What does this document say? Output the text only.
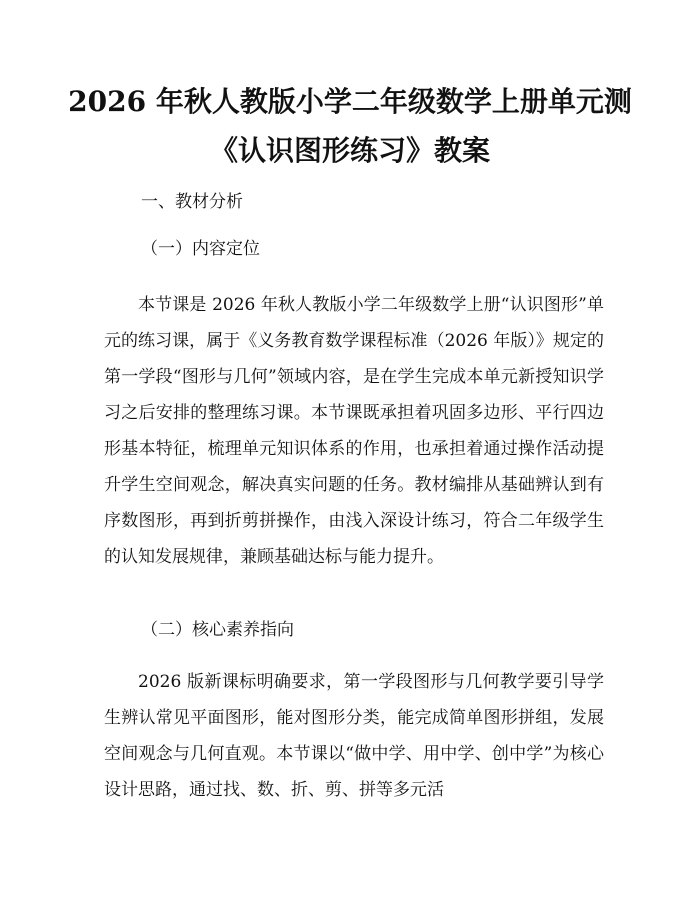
2026 年秋人教版小学二年级数学上册单元测
《认识图形练习》教案
一、教材分析
（一）内容定位

本节课是 2026 年秋人教版小学二年级数学上册“认识图形”单元的练习课，属于《义务教育数学课程标准（2026 年版）》规定的第一学段“图形与几何”领域内容，是在学生完成本单元新授知识学习之后安排的整理练习课。本节课既承担着巩固多边形、平行四边形基本特征，梳理单元知识体系的作用，也承担着通过操作活动提升学生空间观念，解决真实问题的任务。教材编排从基础辨认到有序数图形，再到折剪拼操作，由浅入深设计练习，符合二年级学生的认知发展规律，兼顾基础达标与能力提升。

（二）核心素养指向

2026 版新课标明确要求，第一学段图形与几何教学要引导学生辨认常见平面图形，能对图形分类，能完成简单图形拼组，发展空间观念与几何直观。本节课以“做中学、用中学、创中学”为核心设计思路，通过找、数、折、剪、拼等多元活
